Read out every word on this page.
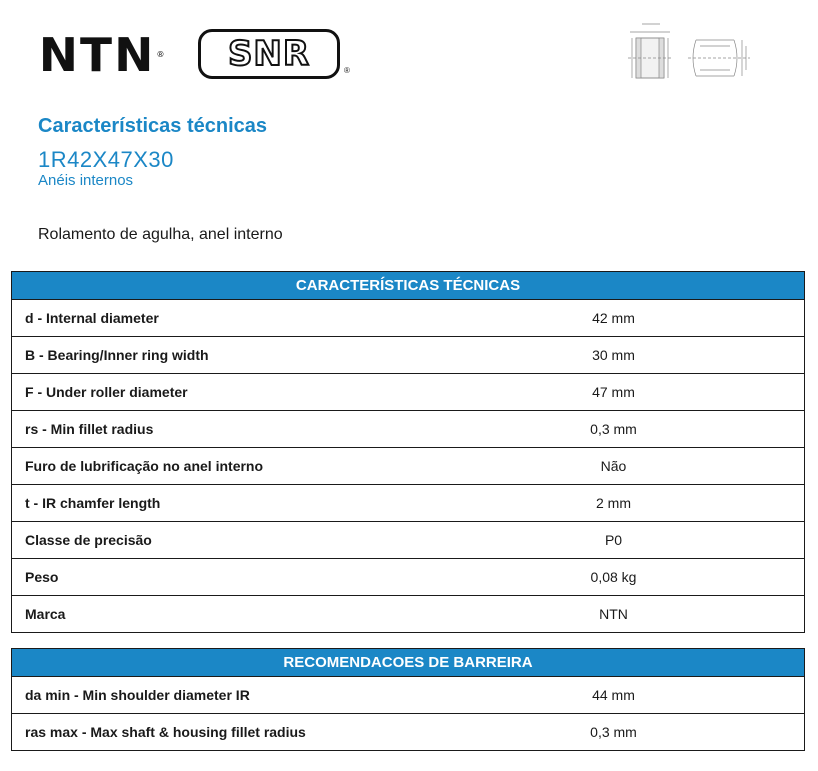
NTN® SNR	®
Características técnicas
1R42X47X30

Anéis internos

Rolamento de agulha, anel interno

CARACTERÍSTICAS TÉCNICAS	
d - Internal diameter	42 mm
B - Bearing/Inner ring width	30 mm
F - Under roller diameter	47 mm
rs - Min fillet radius	0,3 mm
Furo de lubrificação no anel interno	Não
t - IR chamfer length	2 mm
Classe de precisão	P0
Peso	0,08 kg
Marca	NTN
RECOMENDACOES DE BARREIRA	
da min - Min shoulder diameter IR	44 mm
ras max - Max shaft & housing fillet radius	0,3 mm
